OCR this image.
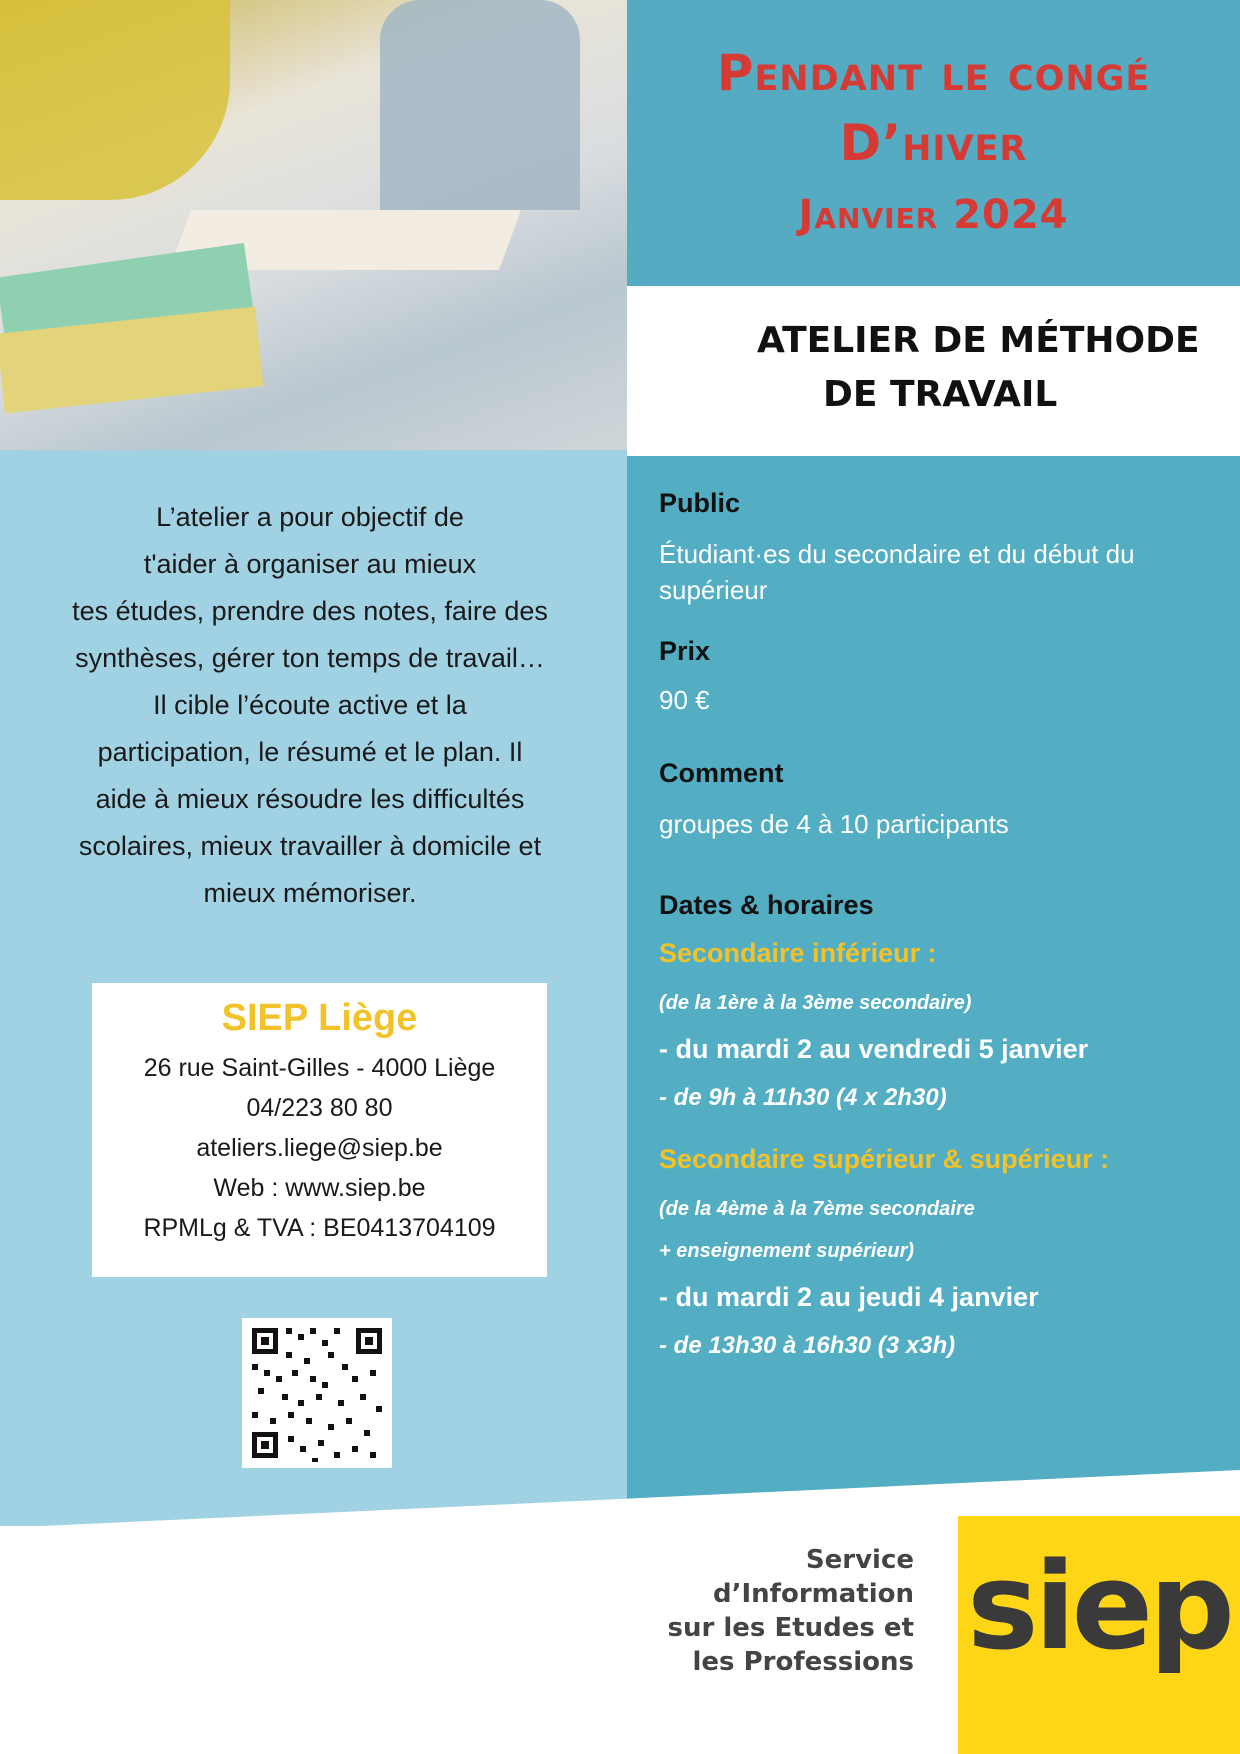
Pendant le congé
D’hiver
Janvier 2024
ATELIER DE MÉTHODE
DE TRAVAIL
L’atelier a pour objectif de
t'aider à organiser au mieux
tes études, prendre des notes, faire des
synthèses, gérer ton temps de travail…
Il cible l’écoute active et la
participation, le résumé et le plan. Il
aide à mieux résoudre les difficultés
scolaires, mieux travailler à domicile et
mieux mémoriser.
SIEP Liège
26 rue Saint-Gilles - 4000 Liège
04/223 80 80
ateliers.liege@siep.be
Web : www.siep.be
RPMLg & TVA : BE0413704109
Public
Étudiant·es du secondaire et du début du
supérieur
Prix
90 €
Comment
groupes de 4 à 10 participants
Dates & horaires
Secondaire inférieur :
(de la 1ère à la 3ème secondaire)
- du mardi 2 au vendredi 5 janvier
- de 9h à 11h30 (4 x 2h30)
Secondaire supérieur & supérieur :
(de la 4ème à la 7ème secondaire
+ enseignement supérieur)
- du mardi 2 au jeudi 4 janvier
- de 13h30 à 16h30 (3 x3h)
Service
d’Information
sur les Etudes et
les Professions siep
